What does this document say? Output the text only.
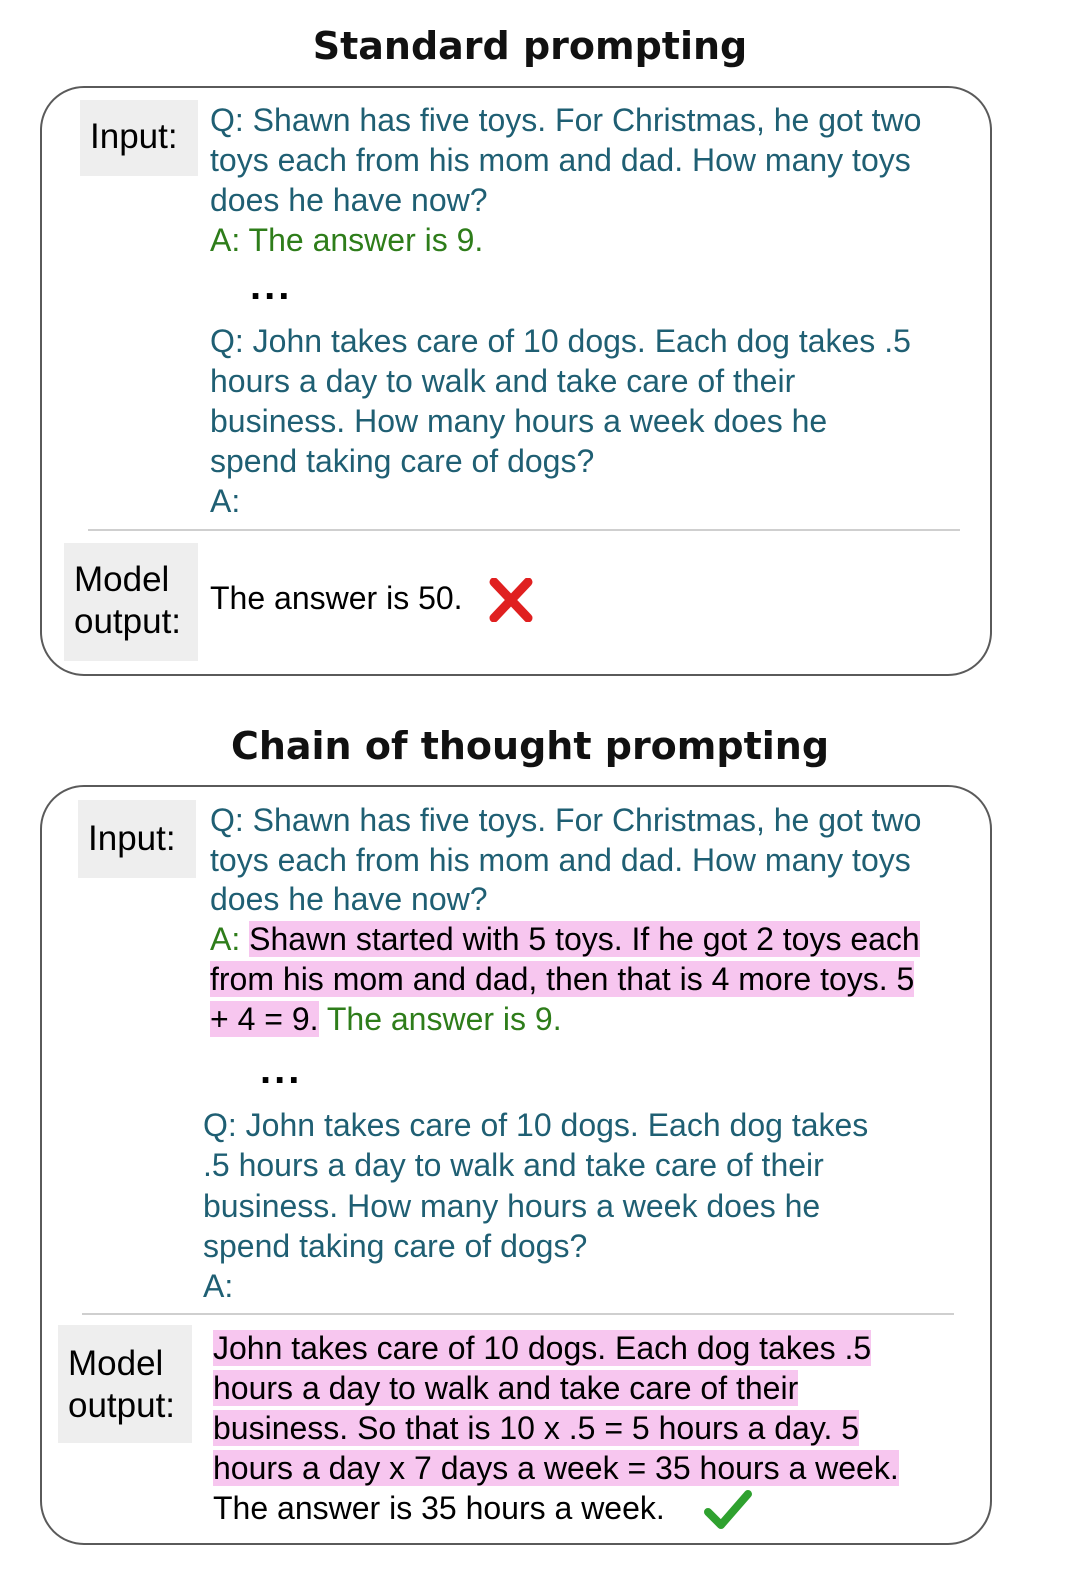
Standard prompting
Input:	Q: Shawn has five toys. For Christmas, he got two
toys each from his mom and dad. How many toys
does he have now?
A: The answer is 9.
...
Q: John takes care of 10 dogs. Each dog takes .5
hours a day to walk and take care of their
business. How many hours a week does he
spend taking care of dogs?
A:
Model
output:
The answer is 50.
Chain of thought prompting
Input:	Q: Shawn has five toys. For Christmas, he got two
toys each from his mom and dad. How many toys
does he have now?
A: Shawn started with 5 toys. If he got 2 toys each
from his mom and dad, then that is 4 more toys. 5
+ 4 = 9. The answer is 9.
...
Q: John takes care of 10 dogs. Each dog takes
.5 hours a day to walk and take care of their
business. How many hours a week does he
spend taking care of dogs?
A:
Model
output:
John takes care of 10 dogs. Each dog takes .5
hours a day to walk and take care of their
business. So that is 10 x .5 = 5 hours a day. 5
hours a day x 7 days a week = 35 hours a week.
The answer is 35 hours a week.
